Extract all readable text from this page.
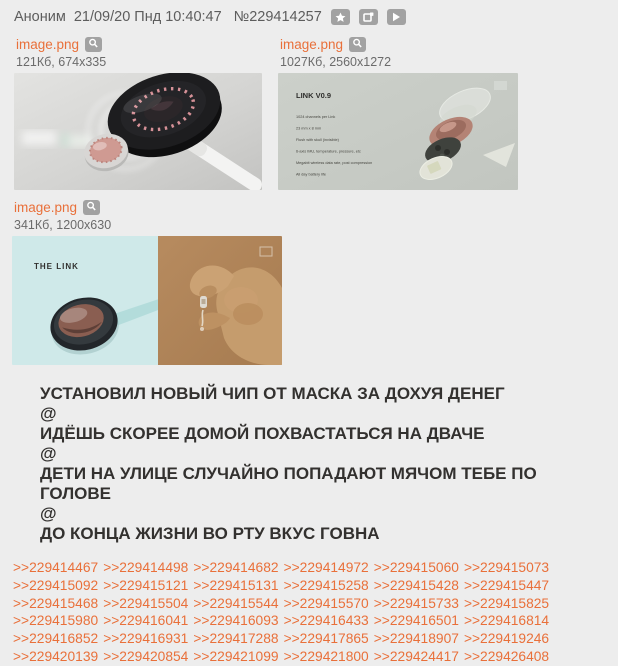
Аноним 21/09/20 Пнд 10:40:47 №229414257
image.png
121Кб, 674x335
image.png
1027Кб, 2560x1272
LINK V0.9
1024 channels per Link
23 mm x 8 mm
Flush with skull (invisible)
6-axis IMU, temperature, pressure, etc
Megabit wireless data rate, post compression
All day battery life
image.png
341Кб, 1200x630
THE LINK
УСТАНОВИЛ НОВЫЙ ЧИП ОТ МАСКА ЗА ДОХУЯ ДЕНЕГ
@
ИДЁШЬ СКОРЕЕ ДОМОЙ ПОХВАСТАТЬСЯ НА ДВАЧЕ
@
ДЕТИ НА УЛИЦЕ СЛУЧАЙНО ПОПАДАЮТ МЯЧОМ ТЕБЕ ПО ГОЛОВЕ
@
ДО КОНЦА ЖИЗНИ ВО РТУ ВКУС ГОВНА
>>229414467 >>229414498 >>229414682 >>229414972 >>229415060 >>229415073
>>229415092 >>229415121 >>229415131 >>229415258 >>229415428 >>229415447
>>229415468 >>229415504 >>229415544 >>229415570 >>229415733 >>229415825
>>229415980 >>229416041 >>229416093 >>229416433 >>229416501 >>229416814
>>229416852 >>229416931 >>229417288 >>229417865 >>229418907 >>229419246
>>229420139 >>229420854 >>229421099 >>229421800 >>229424417 >>229426408
